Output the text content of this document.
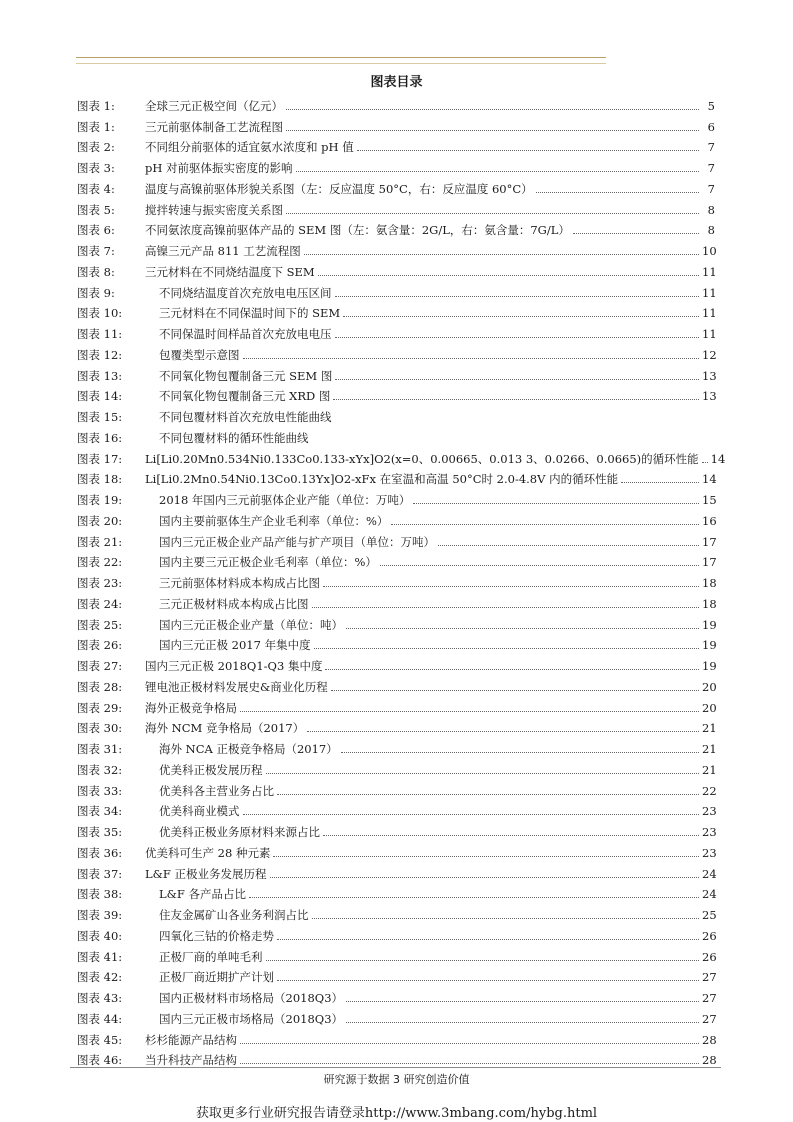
图表目录
图表 1:	全球三元正极空间（亿元）	5
图表 1:	三元前驱体制备工艺流程图	6
图表 2:	不同组分前驱体的适宜氨水浓度和 pH 值	7
图表 3:	pH 对前驱体振实密度的影响	7
图表 4:	温度与高镍前驱体形貌关系图（左：反应温度 50°C，右：反应温度 60°C）	7
图表 5:	搅拌转速与振实密度关系图	8
图表 6:	不同氨浓度高镍前驱体产品的 SEM 图（左：氨含量：2G/L，右：氨含量：7G/L）	8
图表 7:	高镍三元产品 811 工艺流程图	10
图表 8:	三元材料在不同烧结温度下 SEM	11
图表 9:	不同烧结温度首次充放电电压区间	11
图表 10:	三元材料在不同保温时间下的 SEM	11
图表 11:	不同保温时间样品首次充放电电压	11
图表 12:	包覆类型示意图	12
图表 13:	不同氧化物包覆制备三元 SEM 图	13
图表 14:	不同氧化物包覆制备三元 XRD 图	13
图表 15:	不同包覆材料首次充放电性能曲线
图表 16:	不同包覆材料的循环性能曲线
图表 17:	Li[Li0.20Mn0.534Ni0.133Co0.133-xYx]O2(x=0、0.00665、0.013 3、0.0266、0.0665)的循环性能 14
图表 18:	Li[Li0.2Mn0.54Ni0.13Co0.13Yx]O2-xFx 在室温和高温 50°C时 2.0-4.8V 内的循环性能	14
图表 19:	2018 年国内三元前驱体企业产能（单位：万吨）	15
图表 20:	国内主要前驱体生产企业毛利率（单位：%）	16
图表 21:	国内三元正极企业产品产能与扩产项目（单位：万吨）	17
图表 22:	国内主要三元正极企业毛利率（单位：%）	17
图表 23:	三元前驱体材料成本构成占比图	18
图表 24:	三元正极材料成本构成占比图	18
图表 25:	国内三元正极企业产量（单位：吨）	19
图表 26:	国内三元正极 2017 年集中度	19
图表 27:	国内三元正极 2018Q1-Q3 集中度	19
图表 28:	锂电池正极材料发展史&商业化历程	20
图表 29:	海外正极竞争格局	20
图表 30:	海外 NCM 竞争格局（2017）	21
图表 31:	海外 NCA 正极竞争格局（2017）	21
图表 32:	优美科正极发展历程	21
图表 33:	优美科各主营业务占比	22
图表 34:	优美科商业模式	23
图表 35:	优美科正极业务原材料来源占比	23
图表 36:	优美科可生产 28 种元素	23
图表 37:	L&F 正极业务发展历程	24
图表 38:	L&F 各产品占比	24
图表 39:	住友金属矿山各业务利润占比	25
图表 40:	四氧化三钴的价格走势	26
图表 41:	正极厂商的单吨毛利	26
图表 42:	正极厂商近期扩产计划	27
图表 43:	国内正极材料市场格局（2018Q3）	27
图表 44:	国内三元正极市场格局（2018Q3）	27
图表 45:	杉杉能源产品结构	28
图表 46:	当升科技产品结构	28
研究源于数据 3 研究创造价值
获取更多行业研究报告请登录http://www.3mbang.com/hybg.html
